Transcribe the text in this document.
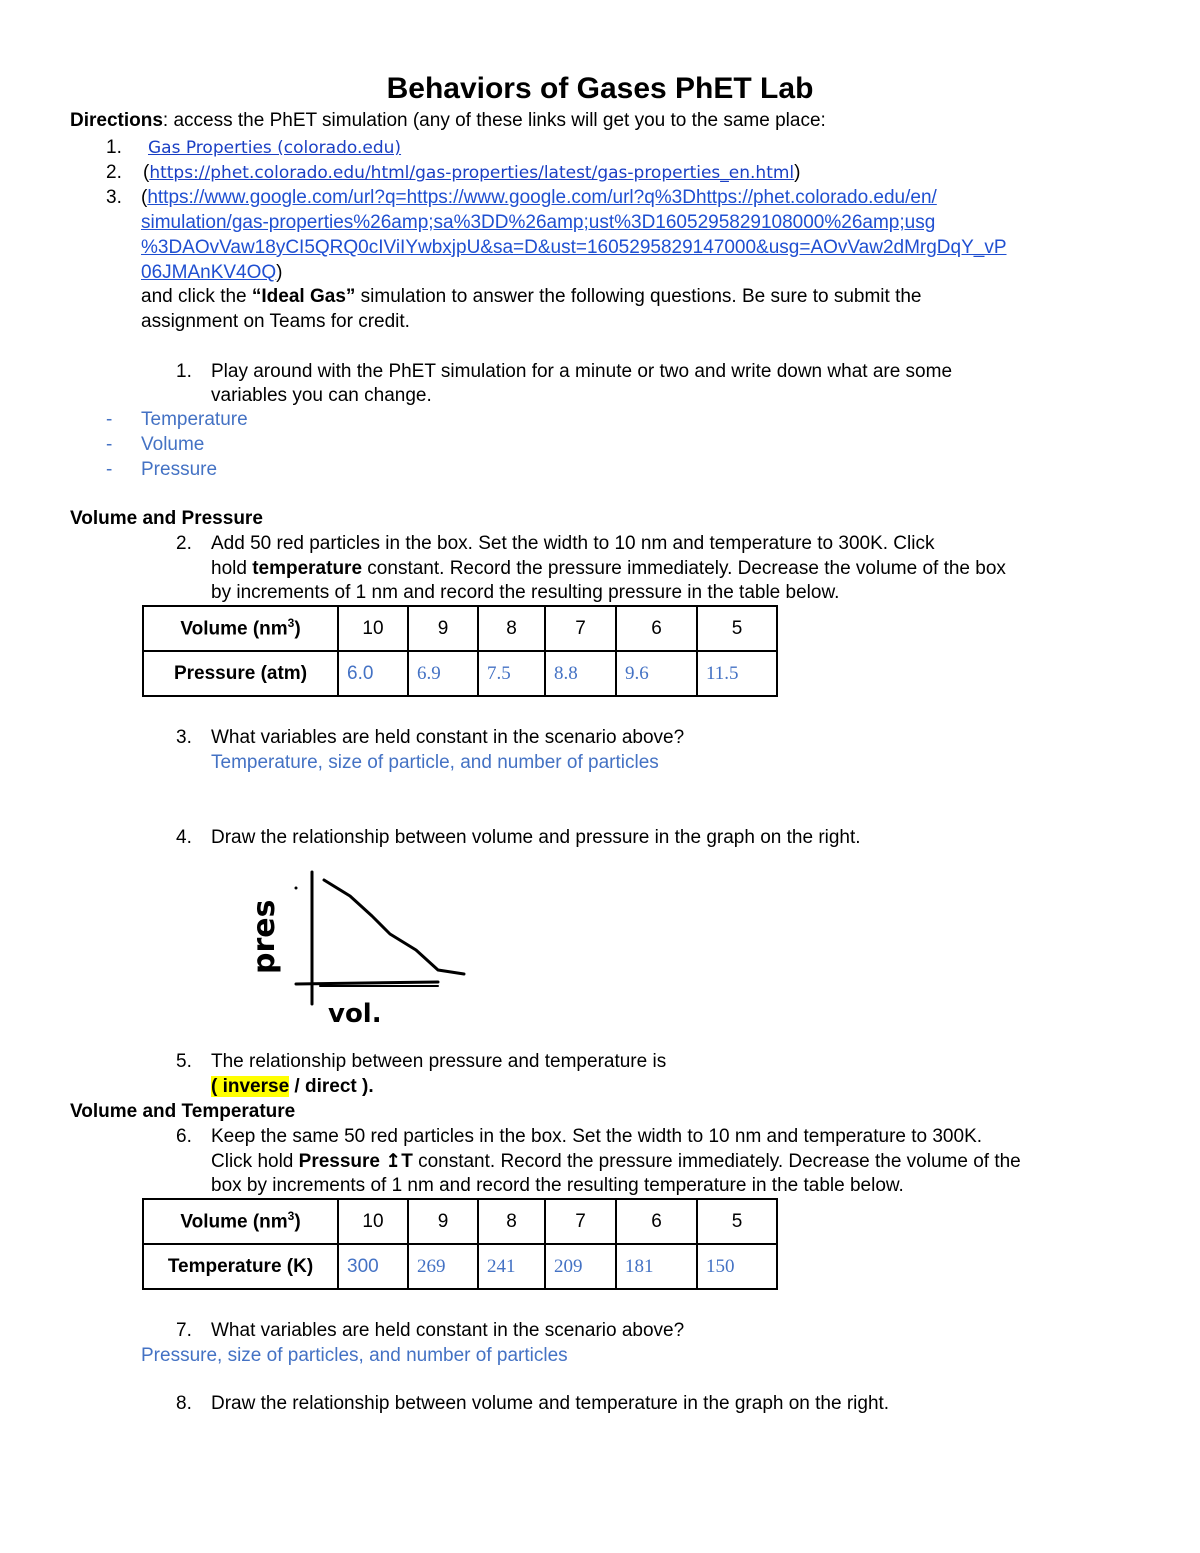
Behaviors of Gases PhET Lab
Directions: access the PhET simulation (any of these links will get you to the same place:
1. Gas Properties (colorado.edu)
2. (https://phet.colorado.edu/html/gas-properties/latest/gas-properties_en.html)
3. (https://www.google.com/url?q=https://www.google.com/url?q%3Dhttps://phet.colorado.edu/en/
simulation/gas-properties%26amp;sa%3DD%26amp;ust%3D1605295829108000%26amp;usg
%3DAOvVaw18yCI5QRQ0cIViIYwbxjpU&sa=D&ust=1605295829147000&usg=AOvVaw2dMrgDqY_vP
06JMAnKV4OQ)
and click the “Ideal Gas” simulation to answer the following questions. Be sure to submit the
assignment on Teams for credit.
1. Play around with the PhET simulation for a minute or two and write down what are some
variables you can change.
- Temperature
- Volume
- Pressure
Volume and Pressure
2. Add 50 red particles in the box. Set the width to 10 nm and temperature to 300K. Click
hold temperature constant. Record the pressure immediately. Decrease the volume of the box
by increments of 1 nm and record the resulting pressure in the table below.
Volume $(nm^3)$	10	9	8	7	6	5
Pressure (atm)	6.0	6.9	7.5	8.8	9.6	11.5
3. What variables are held constant in the scenario above?
Temperature, size of particle, and number of particles
4. Draw the relationship between volume and pressure in the graph on the right.
pres
vol.
5. The relationship between pressure and temperature is
( inverse / direct ).
Volume and Temperature
6. Keep the same 50 red particles in the box. Set the width to 10 nm and temperature to 300K.
Click hold Pressure ↥T constant. Record the pressure immediately. Decrease the volume of the
box by increments of 1 nm and record the resulting temperature in the table below.
Volume $(nm^3)$	10	9	8	7	6	5
Temperature (K)	300	269	241	209	181	150
7. What variables are held constant in the scenario above?
Pressure, size of particles, and number of particles
8. Draw the relationship between volume and temperature in the graph on the right.
